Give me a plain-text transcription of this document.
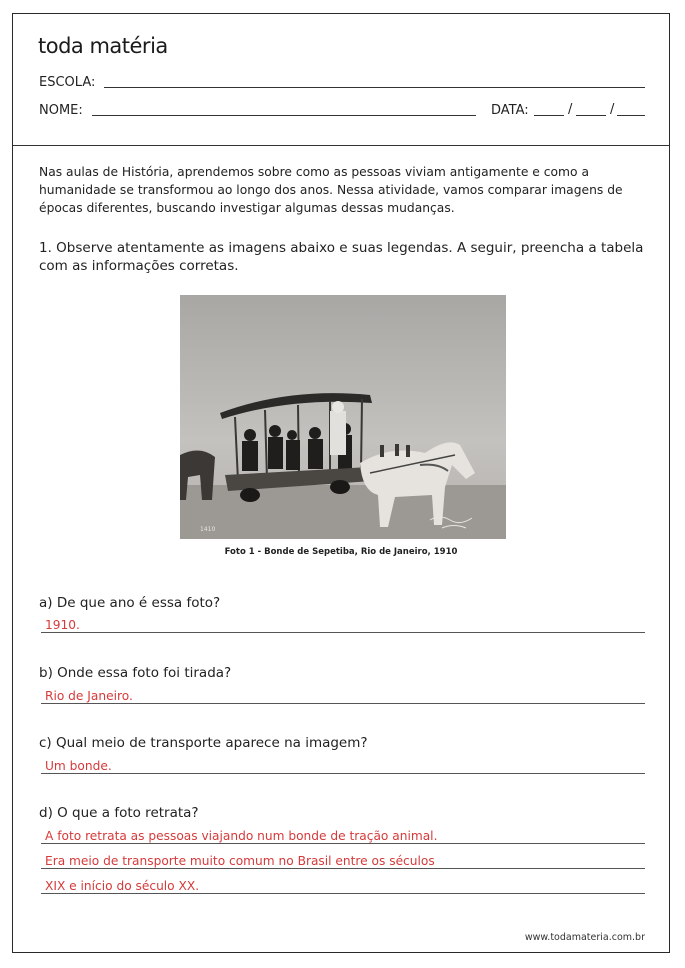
toda matéria
ESCOLA:
NOME:	DATA:	/	/
Nas aulas de História, aprendemos sobre como as pessoas viviam antigamente e como a humanidade se transformou ao longo dos anos. Nessa atividade, vamos comparar imagens de épocas diferentes, buscando investigar algumas dessas mudanças.
1. Observe atentamente as imagens abaixo e suas legendas. A seguir, preencha a tabela com as informações corretas.
1410
Foto 1 - Bonde de Sepetiba, Rio de Janeiro, 1910
a) De que ano é essa foto?
1910.
b) Onde essa foto foi tirada?
Rio de Janeiro.
c) Qual meio de transporte aparece na imagem?
Um bonde.
d) O que a foto retrata?
A foto retrata as pessoas viajando num bonde de tração animal.
Era meio de transporte muito comum no Brasil entre os séculos
XIX e início do século XX.
www.todamateria.com.br
